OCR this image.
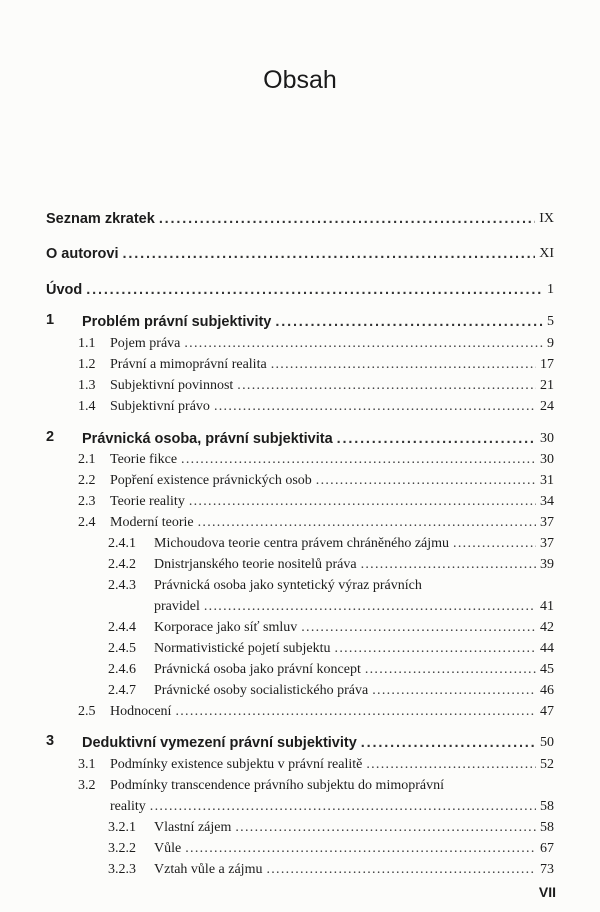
Obsah
Seznam zkratek . . .	IX
O autorovi . . .	XI
Úvod . . .	1
1 Problém právní subjektivity . . .	5
1.1	Pojem práva . . .	9
1.2	Právní a mimoprávní realita . . .	17
1.3	Subjektivní povinnost . . .	21
1.4	Subjektivní právo . . .	24
2 Právnická osoba, právní subjektivita . . .	30
2.1	Teorie fikce . . .	30
2.2	Popření existence právnických osob . . .	31
2.3	Teorie reality . . .	34
2.4	Moderní teorie . . .	37
2.4.1	Michoudova teorie centra právem chráněného zájmu . . .	37
2.4.2	Dnistrjanského teorie nositelů práva . . .	39
2.4.3	Právnická osoba jako syntetický výraz právních
pravidel . . .	41
2.4.4	Korporace jako síť smluv . . .	42
2.4.5	Normativistické pojetí subjektu . . .	44
2.4.6	Právnická osoba jako právní koncept . . .	45
2.4.7	Právnické osoby socialistického práva . . .	46
2.5	Hodnocení . . .	47
3 Deduktivní vymezení právní subjektivity . . .	50
3.1	Podmínky existence subjektu v právní realitě . . .	52
3.2	Podmínky transcendence právního subjektu do mimoprávní
reality . . .	58
3.2.1	Vlastní zájem . . .	58
3.2.2	Vůle . . .	67
3.2.3	Vztah vůle a zájmu . . .	73
VII
